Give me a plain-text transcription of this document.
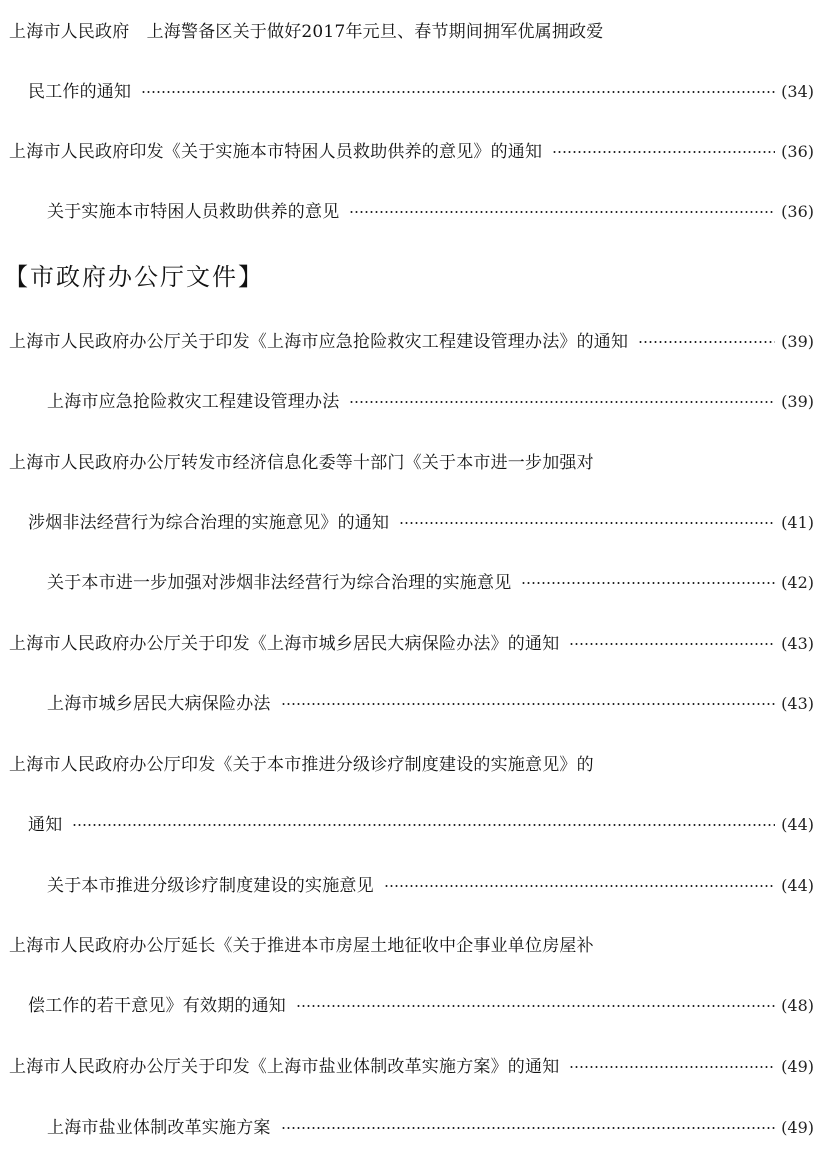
上海市人民政府　上海警备区关于做好2017年元旦、春节期间拥军优属拥政爱
民工作的通知	(34)
上海市人民政府印发《关于实施本市特困人员救助供养的意见》的通知	(36)
关于实施本市特困人员救助供养的意见	(36)
【市政府办公厅文件】
上海市人民政府办公厅关于印发《上海市应急抢险救灾工程建设管理办法》的通知	(39)
上海市应急抢险救灾工程建设管理办法	(39)
上海市人民政府办公厅转发市经济信息化委等十部门《关于本市进一步加强对
涉烟非法经营行为综合治理的实施意见》的通知	(41)
关于本市进一步加强对涉烟非法经营行为综合治理的实施意见	(42)
上海市人民政府办公厅关于印发《上海市城乡居民大病保险办法》的通知	(43)
上海市城乡居民大病保险办法	(43)
上海市人民政府办公厅印发《关于本市推进分级诊疗制度建设的实施意见》的
通知	(44)
关于本市推进分级诊疗制度建设的实施意见	(44)
上海市人民政府办公厅延长《关于推进本市房屋土地征收中企事业单位房屋补
偿工作的若干意见》有效期的通知	(48)
上海市人民政府办公厅关于印发《上海市盐业体制改革实施方案》的通知	(49)
上海市盐业体制改革实施方案	(49)
